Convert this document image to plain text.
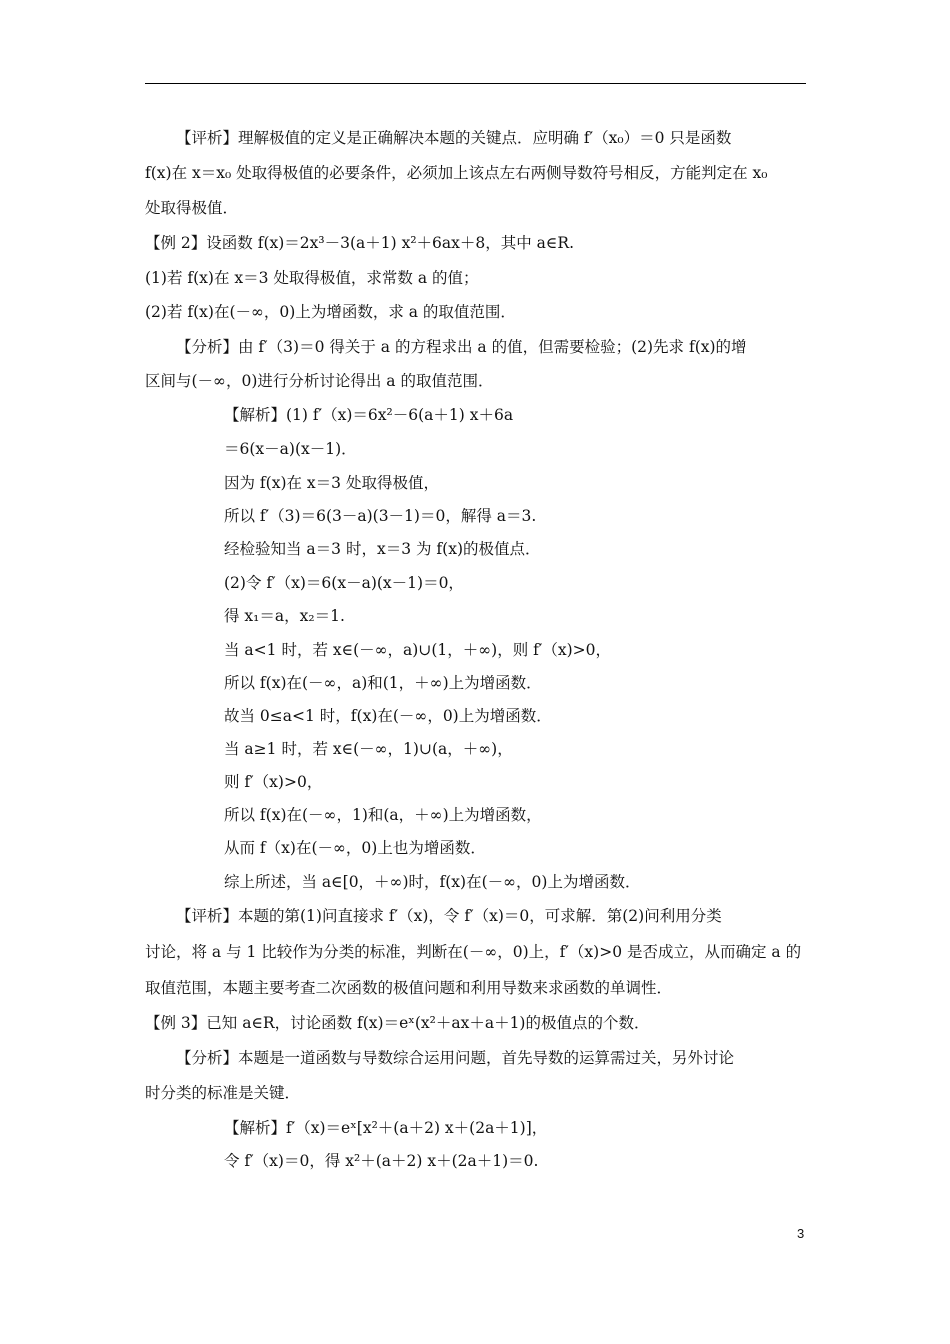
【评析】理解极值的定义是正确解决本题的关键点．应明确 f′（x₀）＝0 只是函数
f(x)在 x＝x₀ 处取得极值的必要条件，必须加上该点左右两侧导数符号相反，方能判定在 x₀
处取得极值．
【例 2】设函数 f(x)＝2x³－3(a＋1) x²＋6ax＋8，其中 a∈R.
(1)若 f(x)在 x＝3 处取得极值，求常数 a 的值；
(2)若 f(x)在(－∞，0)上为增函数，求 a 的取值范围．
【分析】由 f′（3)＝0 得关于 a 的方程求出 a 的值，但需要检验；(2)先求 f(x)的增
区间与(－∞，0)进行分析讨论得出 a 的取值范围．
【解析】(1) f′（x)＝6x²－6(a＋1) x＋6a
＝6(x－a)(x－1)．
因为 f(x)在 x＝3 处取得极值，
所以 f′（3)＝6(3－a)(3－1)＝0，解得 a＝3.
经检验知当 a＝3 时，x＝3 为 f(x)的极值点．
(2)令 f′（x)＝6(x－a)(x－1)＝0，
得 x₁＝a，x₂＝1.
当 a<1 时，若 x∈(－∞，a)∪(1，＋∞)，则 f′（x)>0，
所以 f(x)在(－∞，a)和(1，＋∞)上为增函数．
故当 0≤a<1 时，f(x)在(－∞，0)上为增函数．
当 a≥1 时，若 x∈(－∞，1)∪(a，＋∞)，
则 f′（x)>0，
所以 f(x)在(－∞，1)和(a，＋∞)上为增函数，
从而 f（x)在(－∞，0)上也为增函数．
综上所述，当 a∈[0，＋∞)时，f(x)在(－∞，0)上为增函数．
【评析】本题的第(1)问直接求 f′（x)，令 f′（x)＝0，可求解．第(2)问利用分类
讨论，将 a 与 1 比较作为分类的标准，判断在(－∞，0)上，f′（x)>0 是否成立，从而确定 a 的
取值范围，本题主要考查二次函数的极值问题和利用导数来求函数的单调性．
【例 3】已知 a∈R，讨论函数 f(x)＝eˣ(x²＋ax＋a＋1)的极值点的个数．
【分析】本题是一道函数与导数综合运用问题，首先导数的运算需过关，另外讨论
时分类的标准是关键．
【解析】f′（x)＝eˣ[x²＋(a＋2) x＋(2a＋1)]，
令 f′（x)＝0，得 x²＋(a＋2) x＋(2a＋1)＝0.
3
